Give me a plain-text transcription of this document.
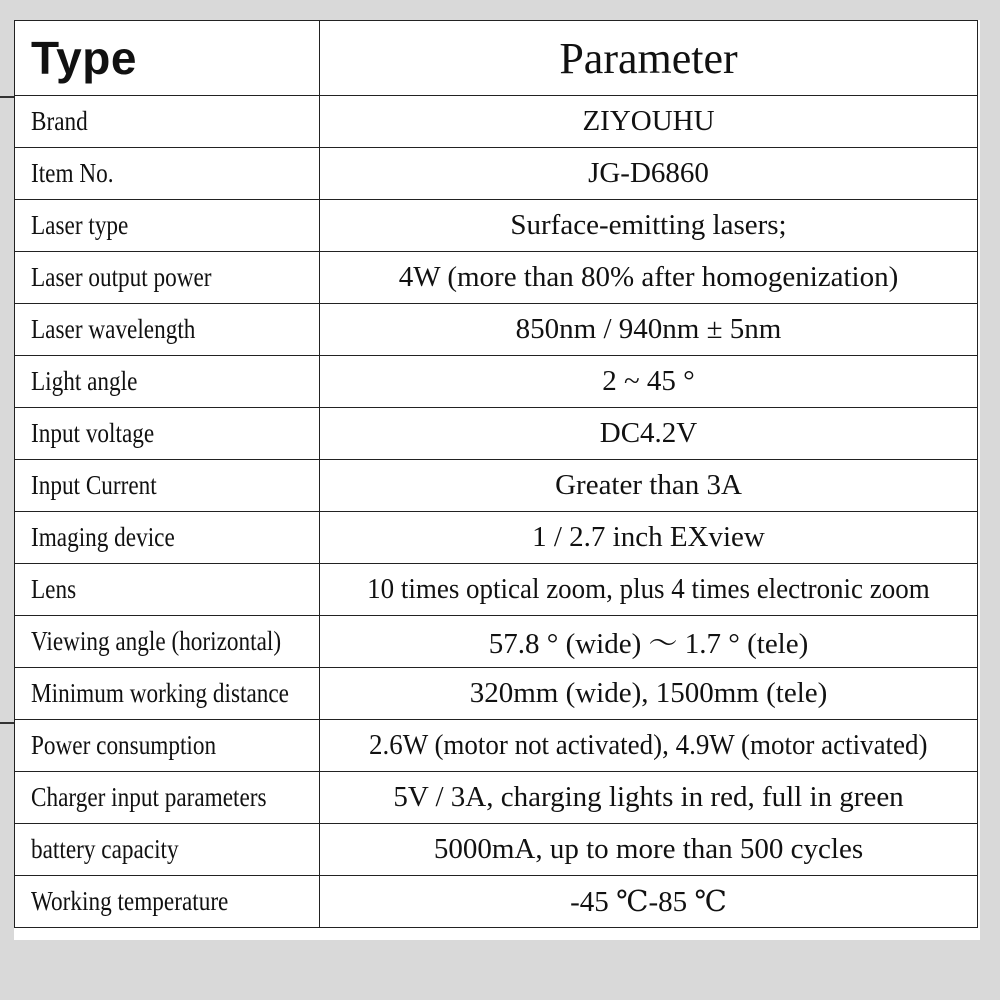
Type	Parameter
Brand	ZIYOUHU
Item No.	JG-D6860
Laser type	Surface-emitting lasers;
Laser output power	4W (more than 80% after homogenization)
Laser wavelength	850nm / 940nm ± 5nm
Light angle	2 ~ 45 °
Input voltage	DC4.2V
Input Current	Greater than 3A
Imaging device	1 / 2.7 inch EXview
Lens	10 times optical zoom, plus 4 times electronic zoom
Viewing angle (horizontal)	57.8 ° (wide) ～ 1.7 ° (tele)
Minimum working distance	320mm (wide), 1500mm (tele)
Power consumption	2.6W (motor not activated), 4.9W (motor activated)
Charger input parameters	5V / 3A, charging lights in red, full in green
battery capacity	5000mA, up to more than 500 cycles
Working temperature	-45 ℃-85 ℃
